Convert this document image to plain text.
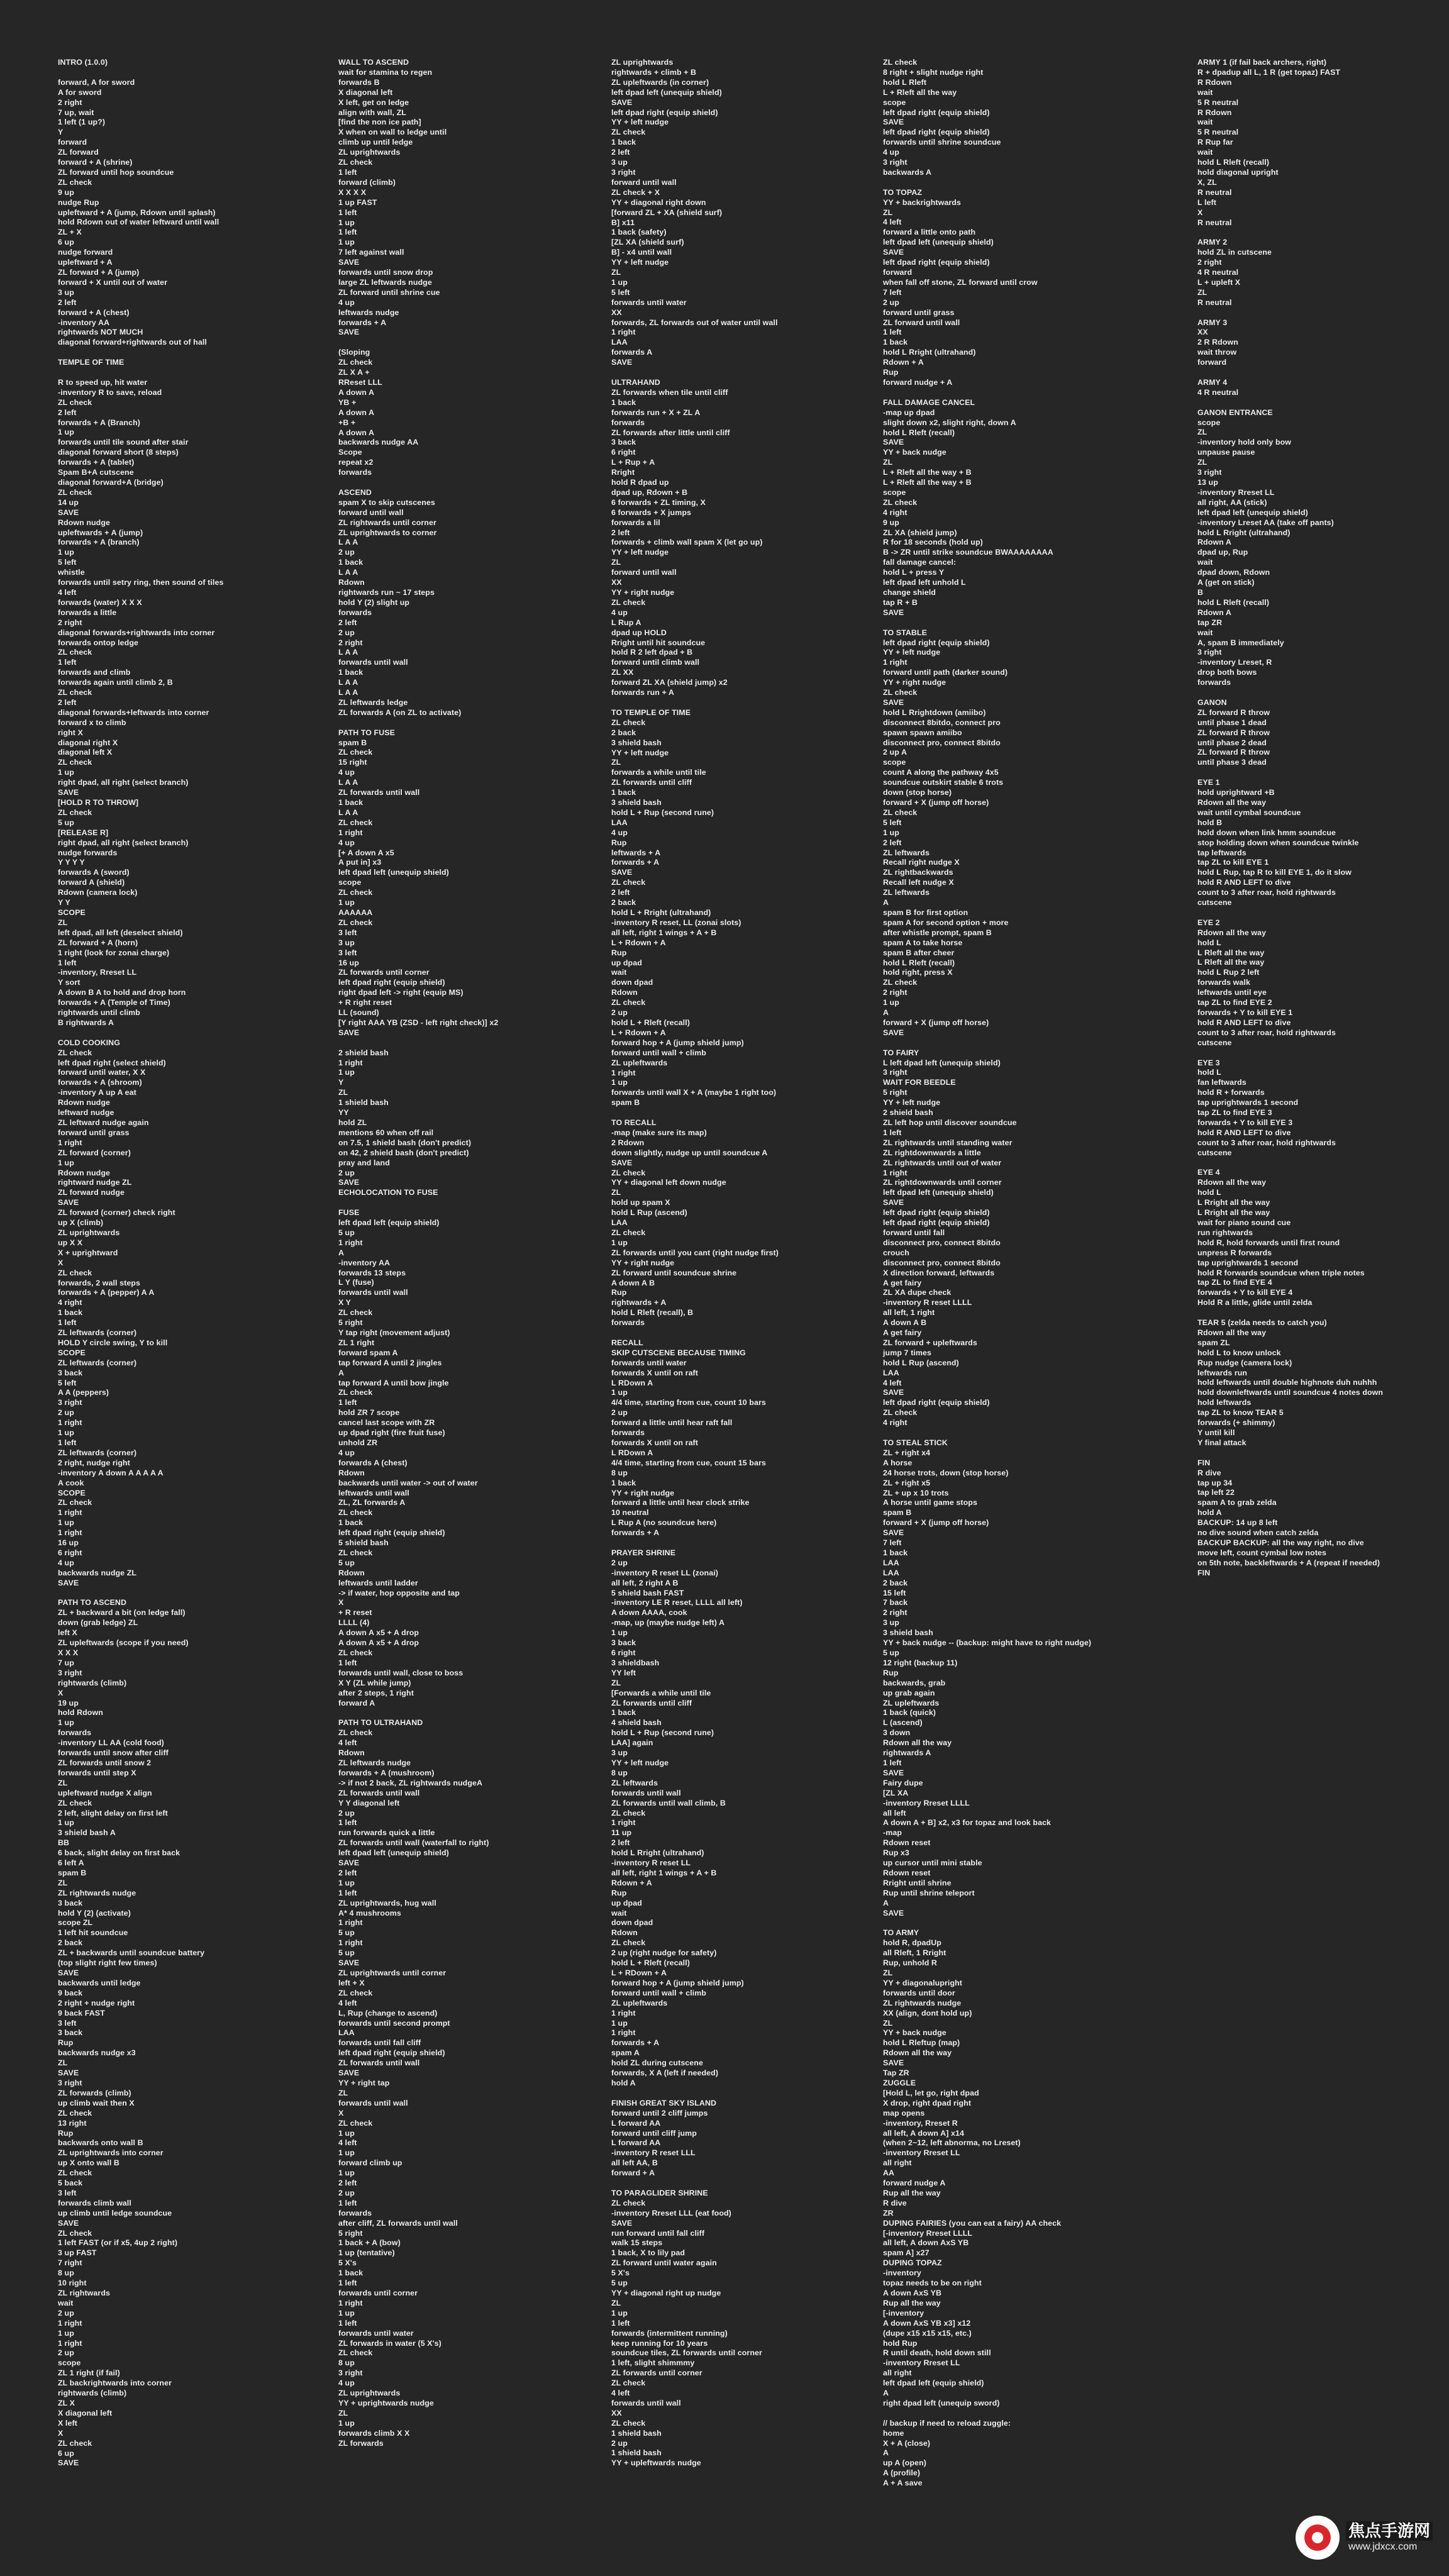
INTRO (1.0.0)
forward, A for sword
A for sword
2 right
7 up, wait
1 left (1 up?)
Y
forward
ZL forward
forward + A (shrine)
ZL forward until hop soundcue
ZL check
9 up
nudge Rup
upleftward + A (jump, Rdown until splash)
hold Rdown out of water leftward until wall
ZL + X
6 up
nudge forward
upleftward + A
ZL forward + A (jump)
forward + X until out of water
3 up
2 left
forward + A (chest)
-inventory AA
rightwards NOT MUCH
diagonal forward+rightwards out of hall
TEMPLE OF TIME
R to speed up, hit water
-inventory R to save, reload
ZL check
2 left
forwards + A (Branch)
1 up
forwards until tile sound after stair
diagonal forward short (8 steps)
forwards + A (tablet)
Spam B+A cutscene
diagonal forward+A (bridge)
ZL check
14 up
SAVE
Rdown nudge
upleftwards + A (jump)
forwards + A (branch)
1 up
5 left
whistle
forwards until setry ring, then sound of tiles
4 left
forwards (water) X X X
forwards a little
2 right
diagonal forwards+rightwards into corner
forwards ontop ledge
ZL check
1 left
forwards and climb
forwards again until climb 2, B
ZL check
2 left
diagonal forwards+leftwards into corner
forward x to climb
right X
diagonal right X
diagonal left X
ZL check
1 up
right dpad, all right (select branch)
SAVE
[HOLD R TO THROW]
ZL check
5 up
[RELEASE R]
right dpad, all right (select branch)
nudge forwards
Y Y Y Y
forwards A (sword)
forward A (shield)
Rdown (camera lock)
Y Y
SCOPE
ZL
left dpad, all left (deselect shield)
ZL forward + A (horn)
1 right (look for zonai charge)
1 left
-inventory, Rreset LL
Y sort
A down B A to hold and drop horn
forwards + A (Temple of Time)
rightwards until climb
B rightwards A
COLD COOKING
ZL check
left dpad right (select shield)
forward until water, X X
forwards + A (shroom)
-inventory A up A eat
Rdown nudge
leftward nudge
ZL leftward nudge again
forward until grass
1 right
ZL forward (corner)
1 up
Rdown nudge
rightward nudge ZL
ZL forward nudge
SAVE
ZL forward (corner) check right
up X (climb)
ZL uprightwards
up X X
X + uprightward
X
ZL check
forwards, 2 wall steps
forwards + A (pepper) A A
4 right
1 back
1 left
ZL leftwards (corner)
HOLD Y circle swing, Y to kill
SCOPE
ZL leftwards (corner)
3 back
5 left
A A (peppers)
3 right
2 up
1 right
1 up
1 left
ZL leftwards (corner)
2 right, nudge right
-inventory A down A A A A A
A cook
SCOPE
ZL check
1 right
1 up
1 right
16 up
6 right
4 up
backwards nudge ZL
SAVE
PATH TO ASCEND
ZL + backward a bit (on ledge fall)
down (grab ledge) ZL
left X
ZL upleftwards (scope if you need)
X X X
7 up
3 right
rightwards (climb)
X
19 up
hold Rdown
1 up
forwards
-inventory LL AA (cold food)
forwards until snow after cliff
ZL forwards until snow 2
forwards until step X
ZL
upleftward nudge X align
ZL check
2 left, slight delay on first left
1 up
3 shield bash A
BB
6 back, slight delay on first back
6 left A
spam B
ZL
ZL rightwards nudge
3 back
hold Y (2) (activate)
scope ZL
1 left hit soundcue
2 back
ZL + backwards until soundcue battery
(top slight right few times)
SAVE
backwards until ledge
9 back
2 right + nudge right
9 back FAST
3 left
3 back
Rup
backwards nudge x3
ZL
SAVE
3 right
ZL forwards (climb)
up climb wait then X
ZL check
13 right
Rup
backwards onto wall B
ZL uprightwards into corner
up X onto wall B
ZL check
5 back
3 left
forwards climb wall
up climb until ledge soundcue
SAVE
ZL check
1 left FAST (or if x5, 4up 2 right)
3 up FAST
7 right
8 up
10 right
ZL rightwards
wait
2 up
1 right
1 up
1 right
2 up
scope
ZL 1 right (if fail)
ZL backrightwards into corner
rightwards (climb)
ZL X
X diagonal left
X left
X
ZL check
6 up
SAVE
WALL TO ASCEND
wait for stamina to regen
forwards B
X diagonal left
X left, get on ledge
align with wall, ZL
[find the non ice path]
X when on wall to ledge until
climb up until ledge
ZL uprightwards
ZL check
1 left
forward (climb)
X X X X
1 up FAST
1 left
1 up
1 left
1 up
7 left against wall
SAVE
forwards until snow drop
large ZL leftwards nudge
ZL forward until shrine cue
4 up
leftwards nudge
forwards + A
SAVE
(Sloping
ZL check
ZL X A +
RReset LLL
A down A
YB +
A down A
+B +
A down A
backwards nudge AA
Scope
repeat x2
forwards
ASCEND
spam X to skip cutscenes
forward until wall
ZL rightwards until corner
ZL uprightwards to corner
L A A
2 up
1 back
L A A
Rdown
rightwards run ~ 17 steps
hold Y (2) slight up
forwards
2 left
2 up
2 right
L A A
forwards until wall
1 back
L A A
L A A
ZL leftwards ledge
ZL forwards A (on ZL to activate)
PATH TO FUSE
spam B
ZL check
15 right
4 up
L A A
ZL forwards until wall
1 back
L A A
ZL check
1 right
4 up
[+ A down A x5
A put in] x3
left dpad left (unequip shield)
scope
ZL check
1 up
AAAAAA
ZL check
3 left
3 up
3 left
16 up
ZL forwards until corner
left dpad right (equip shield)
right dpad left -> right (equip MS)
+ R right reset
LL (sound)
[Y right AAA YB (ZSD - left right check)] x2
SAVE
2 shield bash
1 right
1 up
Y
ZL
1 shield bash
YY
hold ZL
mentions 60 when off rail
on 7.5, 1 shield bash (don't predict)
on 42, 2 shield bash (don't predict)
pray and land
2 up
SAVE
ECHOLOCATION TO FUSE
FUSE
left dpad left (equip shield)
5 up
1 right
A
-inventory AA
forwards 13 steps
L Y (fuse)
forwards until wall
X Y
ZL check
5 right
Y tap right (movement adjust)
ZL 1 right
forward spam A
tap forward A until 2 jingles
A
tap forward A until bow jingle
ZL check
1 left
hold ZR 7 scope
cancel last scope with ZR
up dpad right (fire fruit fuse)
unhold ZR
4 up
forwards A (chest)
Rdown
backwards until water -> out of water
leftwards until wall
ZL, ZL forwards A
ZL check
1 back
left dpad right (equip shield)
5 shield bash
ZL check
5 up
Rdown
leftwards until ladder
-> if water, hop opposite and tap
X
+ R reset
LLLL (4)
A down A x5 + A drop
A down A x5 + A drop
ZL check
1 left
forwards until wall, close to boss
X Y (ZL while jump)
after 2 steps, 1 right
forward A
PATH TO ULTRAHAND
ZL check
4 left
Rdown
ZL leftwards nudge
forwards + A (mushroom)
-> if not 2 back, ZL rightwards nudgeA
ZL forwards until wall
Y Y diagonal left
2 up
1 left
run forwards quick a little
ZL forwards until wall (waterfall to right)
left dpad left (unequip shield)
SAVE
2 left
1 up
1 left
ZL uprightwards, hug wall
A* 4 mushrooms
1 right
5 up
1 right
5 up
SAVE
ZL uprightwards until corner
left + X
ZL check
4 left
L, Rup (change to ascend)
forwards until second prompt
LAA
forwards until fall cliff
left dpad right (equip shield)
ZL forwards until wall
SAVE
YY + right tap
ZL
forwards until wall
X
ZL check
1 up
4 left
1 up
forward climb up
1 up
2 left
2 up
1 left
forwards
after cliff, ZL forwards until wall
5 right
1 back + A (bow)
1 up (tentative)
5 X's
1 back
1 left
forwards until corner
1 right
1 up
1 left
forwards until water
ZL forwards in water (5 X's)
ZL check
8 up
3 right
4 up
ZL uprightwards
YY + uprightwards nudge
ZL
1 up
forwards climb X X
ZL forwards
ZL uprightwards
rightwards + climb + B
ZL upleftwards (in corner)
left dpad left (unequip shield)
SAVE
left dpad right (equip shield)
YY + left nudge
ZL check
1 back
2 left
3 up
3 right
forward until wall
ZL check + X
YY + diagonal right down
[forward ZL + XA (shield surf)
B] x11
1 back (safety)
[ZL XA (shield surf)
B] - x4 until wall
YY + left nudge
ZL
1 up
5 left
forwards until water
XX
forwards, ZL forwards out of water until wall
1 right
LAA
forwards A
SAVE
ULTRAHAND
ZL forwards when tile until cliff
1 back
forwards run + X + ZL A
forwards
ZL forwards after little until cliff
3 back
6 right
L + Rup + A
Rright
hold R dpad up
dpad up, Rdown + B
6 forwards + ZL timing, X
6 forwards + X jumps
forwards a lil
2 left
forwards + climb wall spam X (let go up)
YY + left nudge
ZL
forward until wall
XX
YY + right nudge
ZL check
4 up
L Rup A
dpad up HOLD
Rright until hit soundcue
hold R 2 left dpad + B
forward until climb wall
ZL XX
forward ZL XA (shield jump) x2
forwards run + A
TO TEMPLE OF TIME
ZL check
2 back
3 shield bash
YY + left nudge
ZL
forwards a while until tile
ZL forwards until cliff
1 back
3 shield bash
hold L + Rup (second rune)
LAA
4 up
Rup
leftwards + A
forwards + A
SAVE
ZL check
2 left
2 back
hold L + Rright (ultrahand)
-inventory R reset, LL (zonai slots)
all left, right 1 wings + A + B
L + Rdown + A
Rup
up dpad
wait
down dpad
Rdown
ZL check
2 up
hold L + Rleft (recall)
L + Rdown + A
forward hop + A (jump shield jump)
forward until wall + climb
ZL upleftwards
1 right
1 up
forwards until wall X + A (maybe 1 right too)
spam B
TO RECALL
-map (make sure its map)
2 Rdown
down slightly, nudge up until soundcue A
SAVE
ZL check
YY + diagonal left down nudge
ZL
hold up spam X
hold L Rup (ascend)
LAA
ZL check
1 up
ZL forwards until you cant (right nudge first)
YY + right nudge
ZL forward until soundcue shrine
A down A B
Rup
rightwards + A
hold L Rleft (recall), B
forwards
RECALL
SKIP CUTSCENE BECAUSE TIMING
forwards until water
forwards X until on raft
L RDown A
1 up
4/4 time, starting from cue, count 10 bars
2 up
forward a little until hear raft fall
forwards
forwards X until on raft
L RDown A
4/4 time, starting from cue, count 15 bars
8 up
1 back
YY + right nudge
forward a little until hear clock strike
10 neutral
L Rup A (no soundcue here)
forwards + A
PRAYER SHRINE
2 up
-inventory R reset LL (zonai)
all left, 2 right A B
5 shield bash FAST
-inventory LE R reset, LLLL all left)
A down AAAA, cook
-map, up (maybe nudge left) A
1 up
3 back
6 right
3 shieldbash
YY left
ZL
[Forwards a while until tile
ZL forwards until cliff
1 back
4 shield bash
hold L + Rup (second rune)
LAA] again
3 up
YY + left nudge
8 up
ZL leftwards
forwards until wall
ZL forwards until wall climb, B
ZL check
1 right
11 up
2 left
hold L Rright (ultrahand)
-inventory R reset LL
all left, right 1 wings + A + B
Rdown + A
Rup
up dpad
wait
down dpad
Rdown
ZL check
2 up (right nudge for safety)
hold L + Rleft (recall)
L + RDown + A
forward hop + A (jump shield jump)
forward until wall + climb
ZL upleftwards
1 right
1 up
1 right
forwards + A
spam A
hold ZL during cutscene
forwards, X A (left if needed)
hold A
FINISH GREAT SKY ISLAND
forward until 2 cliff jumps
L forward AA
forward until cliff jump
L forward AA
-inventory R reset LLL
all left AA, B
forward + A
TO PARAGLIDER SHRINE
ZL check
-inventory Rreset LLL (eat food)
SAVE
run forward until fall cliff
walk 15 steps
1 back, X to lily pad
ZL forward until water again
5 X's
5 up
YY + diagonal right up nudge
ZL
1 up
1 left
forwards (intermittent running)
keep running for 10 years
soundcue tiles, ZL forwards until corner
1 left, slight shimmmy
ZL forwards until corner
ZL check
4 left
forwards until wall
XX
ZL check
1 shield bash
2 up
1 shield bash
YY + upleftwards nudge
ZL check
8 right + slight nudge right
hold L Rleft
L + Rleft all the way
scope
left dpad right (equip shield)
SAVE
left dpad right (equip shield)
forwards until shrine soundcue
4 up
3 right
backwards A
TO TOPAZ
YY + backrightwards
ZL
4 left
forward a little onto path
left dpad left (unequip shield)
SAVE
left dpad right (equip shield)
forward
when fall off stone, ZL forward until crow
7 left
2 up
forward until grass
ZL forward until wall
1 left
1 back
hold L Rright (ultrahand)
Rdown + A
Rup
forward nudge + A
FALL DAMAGE CANCEL
-map up dpad
slight down x2, slight right, down A
hold L Rleft (recall)
SAVE
YY + back nudge
ZL
L + Rleft all the way + B
L + Rleft all the way + B
scope
ZL check
4 right
9 up
ZL XA (shield jump)
R for 18 seconds (hold up)
B -> ZR until strike soundcue BWAAAAAAAA
fall damage cancel:
hold L + press Y
left dpad left unhold L
change shield
tap R + B
SAVE
TO STABLE
left dpad right (equip shield)
YY + left nudge
1 right
forward until path (darker sound)
YY + right nudge
ZL check
SAVE
hold L Rrightdown (amiibo)
disconnect 8bitdo, connect pro
spawn spawn amiibo
disconnect pro, connect 8bitdo
2 up A
scope
count A along the pathway 4x5
soundcue outskirt stable 6 trots
down (stop horse)
forward + X (jump off horse)
ZL check
5 left
1 up
2 left
ZL leftwards
Recall right nudge X
ZL rightbackwards
Recall left nudge X
ZL leftwards
A
spam B for first option
spam A for second option + more
after whistle prompt, spam B
spam A to take horse
spam B after cheer
hold L Rleft (recall)
hold right, press X
ZL check
2 right
1 up
A
forward + X (jump off horse)
SAVE
TO FAIRY
L left dpad left (unequip shield)
3 right
WAIT FOR BEEDLE
5 right
YY + left nudge
2 shield bash
ZL left hop until discover soundcue
1 left
ZL rightwards until standing water
ZL rightdownwards a little
ZL rightwards until out of water
1 right
ZL rightdownwards until corner
left dpad left (unequip shield)
SAVE
left dpad right (equip shield)
left dpad right (equip shield)
forward until fall
disconnect pro, connect 8bitdo
crouch
disconnect pro, connect 8bitdo
X direction forward, leftwards
A get fairy
ZL XA dupe check
-inventory R reset LLLL
all left, 1 right
A down A B
A get fairy
ZL forward + upleftwards
jump 7 times
hold L Rup (ascend)
LAA
4 left
SAVE
left dpad right (equip shield)
ZL check
4 right
TO STEAL STICK
ZL + right x4
A horse
24 horse trots, down (stop horse)
ZL + right x5
ZL + up x 10 trots
A horse until game stops
spam B
forward + X (jump off horse)
SAVE
7 left
1 back
LAA
LAA
2 back
15 left
7 back
2 right
3 up
3 shield bash
YY + back nudge -- (backup: might have to right nudge)
5 up
12 right (backup 11)
Rup
backwards, grab
up grab again
ZL upleftwards
1 back (quick)
L (ascend)
3 down
Rdown all the way
rightwards A
1 left
SAVE
Fairy dupe
[ZL XA
-inventory Rreset LLLL
all left
A down A + B] x2, x3 for topaz and look back
-map
Rdown reset
Rup x3
up cursor until mini stable
Rdown reset
Rright until shrine
Rup until shrine teleport
A
SAVE
TO ARMY
hold R, dpadUp
all Rleft, 1 Rright
Rup, unhold R
ZL
YY + diagonalupright
forwards until door
ZL rightwards nudge
XX (align, dont hold up)
ZL
YY + back nudge
hold L Rleftup (map)
Rdown all the way
SAVE
Tap ZR
ZUGGLE
[Hold L, let go, right dpad
X drop, right dpad right
map opens
-inventory, Rreset R
all left, A down A] x14
(when 2~12, left abnorma, no Lreset)
-inventory Rreset LL
all right
AA
forward nudge A
Rup all the way
R dive
ZR
DUPING FAIRIES (you can eat a fairy) AA check
[-inventory Rreset LLLL
all left, A down AxS YB
spam A] x27
DUPING TOPAZ
-inventory
topaz needs to be on right
A down AxS YB
Rup all the way
[-inventory
A down AxS YB x3] x12
(dupe x15 x15 x15, etc.)
hold Rup
R until death, hold down still
-inventory Rreset LL
all right
left dpad left (equip shield)
A
right dpad left (unequip sword)
// backup if need to reload zuggle:
home
X + A (close)
A
up A (open)
A (profile)
A + A save
ARMY 1 (if fail back archers, right)
R + dpadup all L, 1 R (get topaz) FAST
R Rdown
wait
5 R neutral
R Rdown
wait
5 R neutral
R Rup far
wait
hold L Rleft (recall)
hold diagonal upright
X, ZL
R neutral
L left
X
R neutral
ARMY 2
hold ZL in cutscene
2 right
4 R neutral
L + upleft X
ZL
R neutral
ARMY 3
XX
2 R Rdown
wait throw
forward
ARMY 4
4 R neutral
GANON ENTRANCE
scope
ZL
-inventory hold only bow
unpause pause
ZL
3 right
13 up
-inventory Rreset LL
all right, AA (stick)
left dpad left (unequip shield)
-inventory Lreset AA (take off pants)
hold L Rright (ultrahand)
Rdown A
dpad up, Rup
wait
dpad down, Rdown
A (get on stick)
B
hold L Rleft (recall)
Rdown A
tap ZR
wait
A, spam B immediately
3 right
-inventory Lreset, R
drop both bows
forwards
GANON
ZL forward R throw
until phase 1 dead
ZL forward R throw
until phase 2 dead
ZL forward R throw
until phase 3 dead
EYE 1
hold uprightward +B
Rdown all the way
wait until cymbal soundcue
hold B
hold down when link hmm soundcue
stop holding down when soundcue twinkle
tap leftwards
tap ZL to kill EYE 1
hold L Rup, tap R to kill EYE 1, do it slow
hold R AND LEFT to dive
count to 3 after roar, hold rightwards
cutscene
EYE 2
Rdown all the way
hold L
L Rleft all the way
L Rleft all the way
hold L Rup 2 left
forwards walk
leftwards until eye
tap ZL to find EYE 2
forwards + Y to kill EYE 1
hold R AND LEFT to dive
count to 3 after roar, hold rightwards
cutscene
EYE 3
hold L
fan leftwards
hold R + forwards
tap uprightwards 1 second
tap ZL to find EYE 3
forwards + Y to kill EYE 3
hold R AND LEFT to dive
count to 3 after roar, hold rightwards
cutscene
EYE 4
Rdown all the way
hold L
L Rright all the way
L Rright all the way
wait for piano sound cue
run rightwards
hold R, hold forwards until first round
unpress R forwards
tap uprightwards 1 second
hold R forwards soundcue when triple notes
tap ZL to find EYE 4
forwards + Y to kill EYE 4
Hold R a little, glide until zelda
TEAR 5 (zelda needs to catch you)
Rdown all the way
spam ZL
hold L to know unlock
Rup nudge (camera lock)
leftwards run
hold leftwards until double highnote duh nuhhh
hold downleftwards until soundcue 4 notes down
hold leftwards
tap ZL to know TEAR 5
forwards (+ shimmy)
Y until kill
Y final attack
FIN
R dive
tap up 34
tap left 22
spam A to grab zelda
hold A
BACKUP: 14 up 8 left
no dive sound when catch zelda
BACKUP BACKUP: all the way right, no dive
move left, count cymbal low notes
on 5th note, backleftwards + A (repeat if needed)
FIN
焦点手游网
www.jdxcx.com
